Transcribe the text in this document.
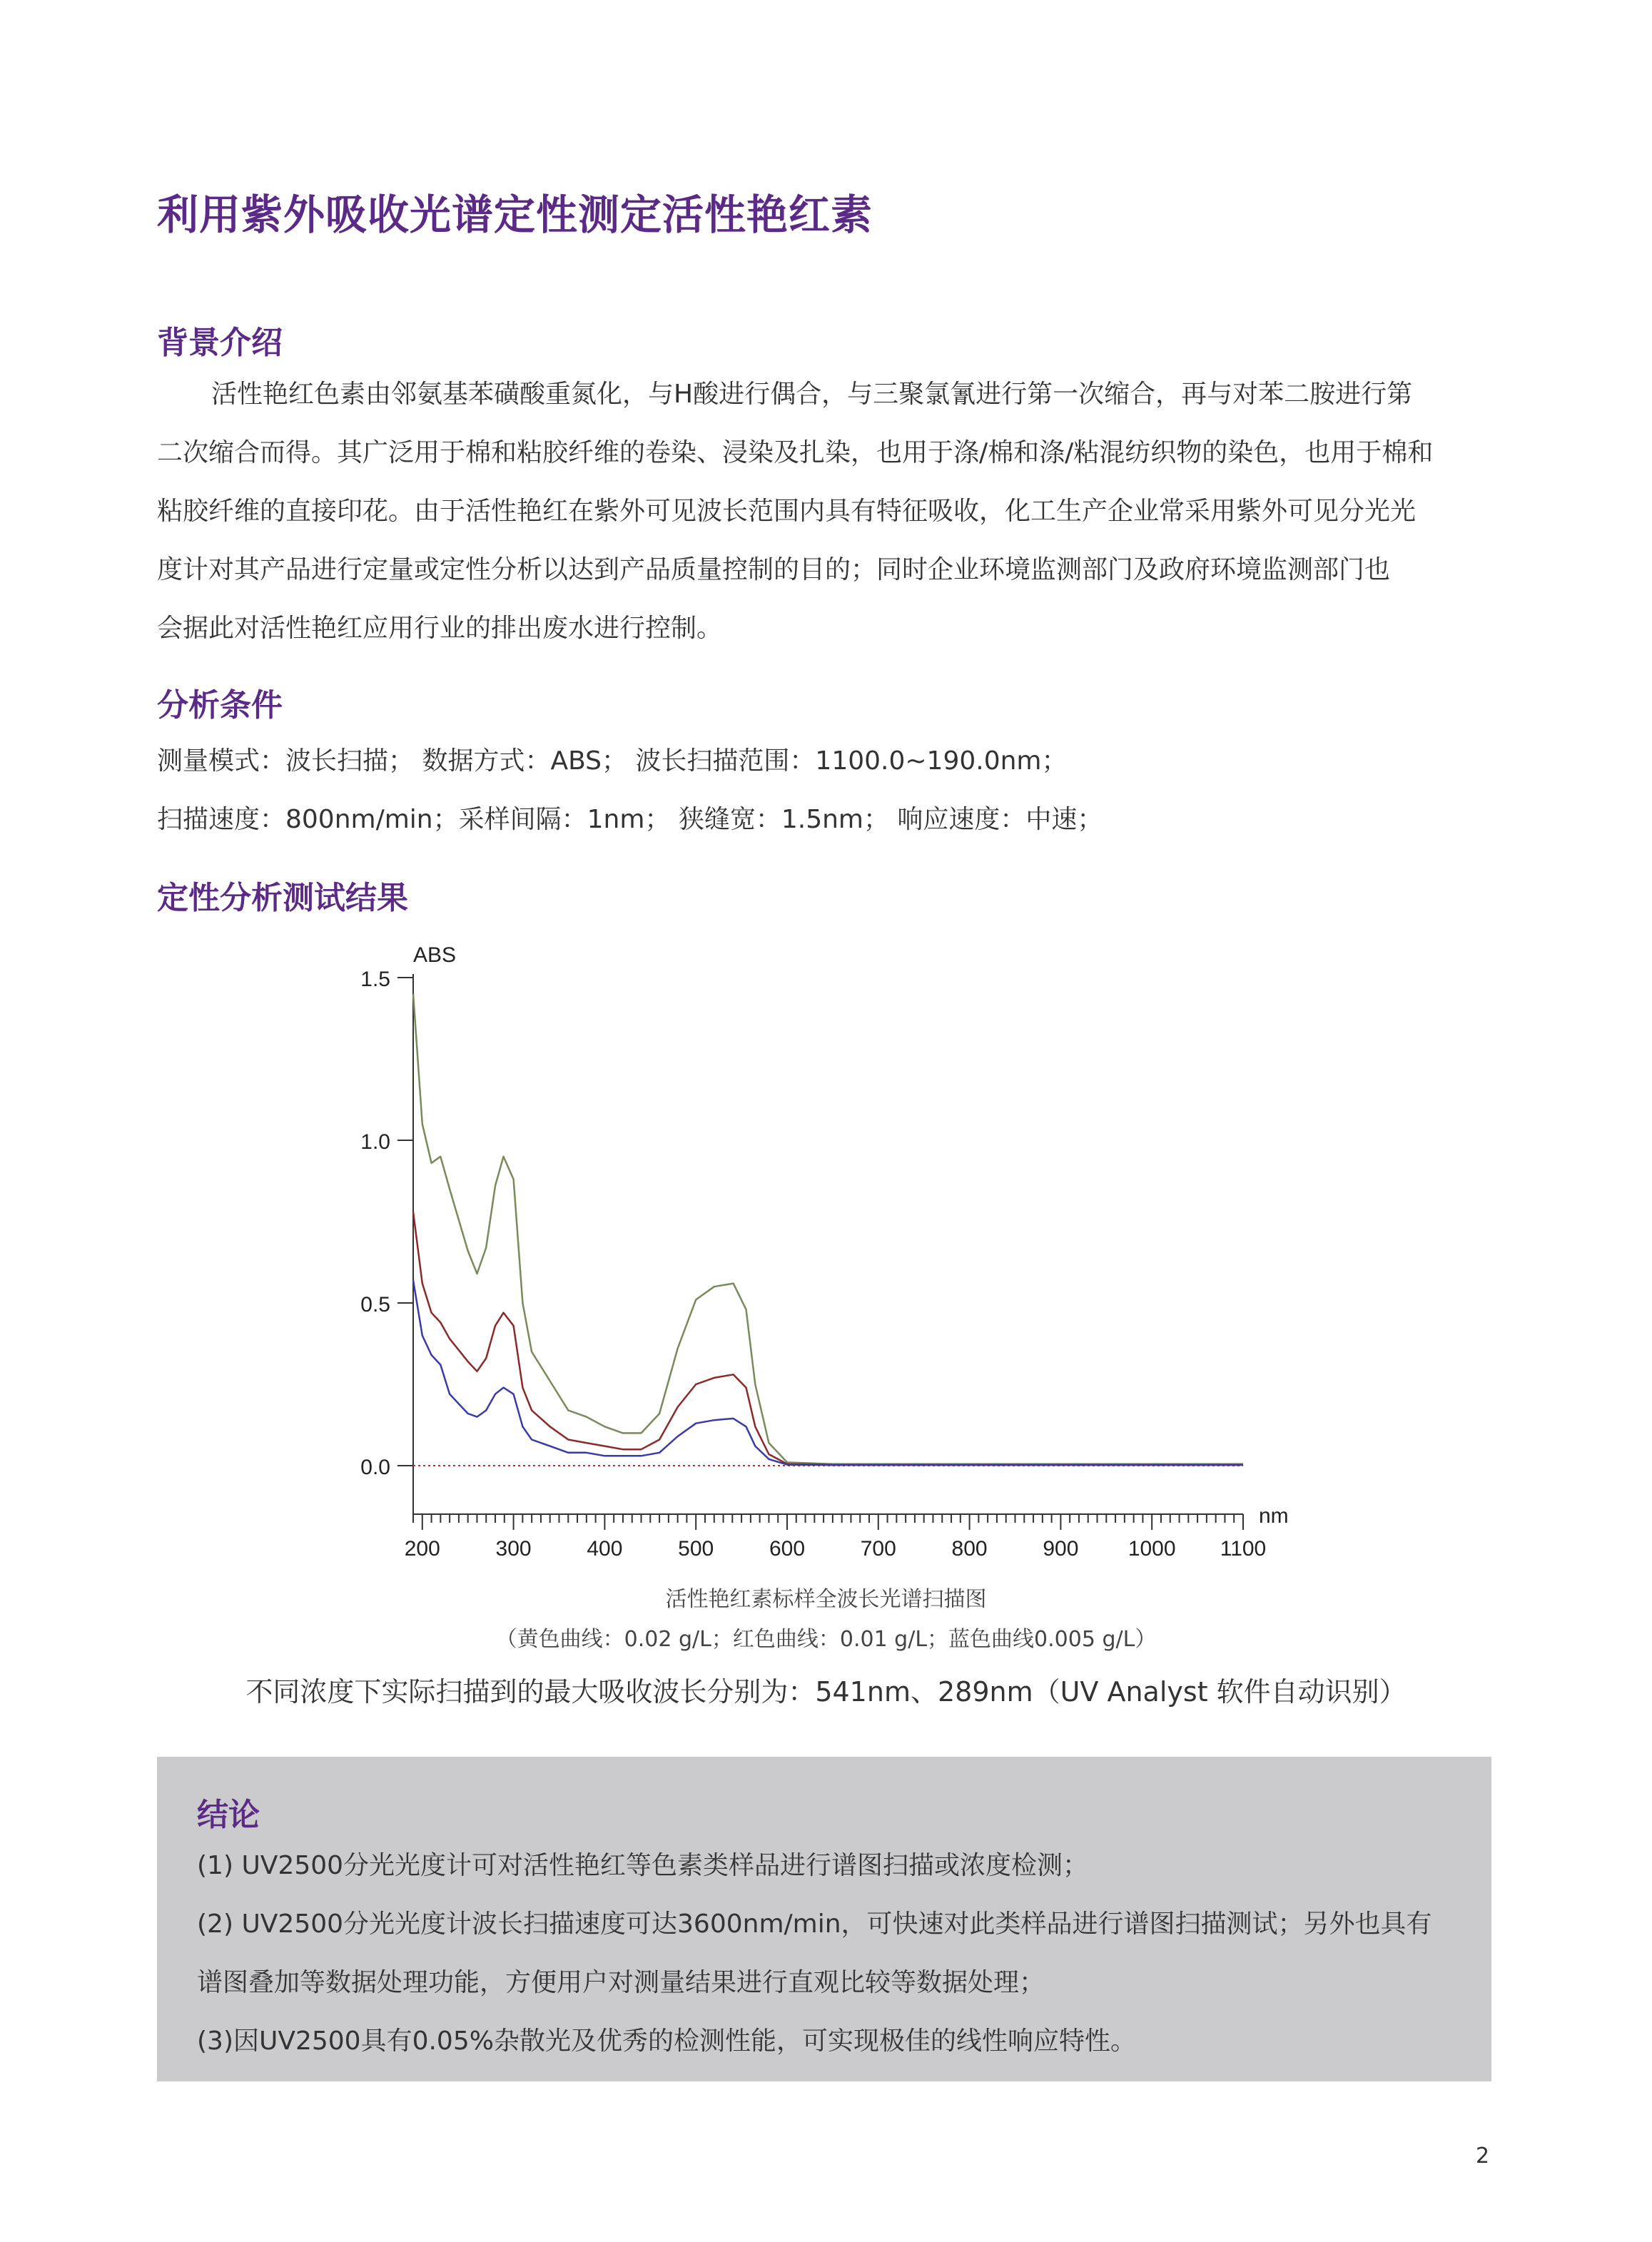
利用紫外吸收光谱定性测定活性艳红素
背景介绍
活性艳红色素由邻氨基苯磺酸重氮化，与H酸进行偶合，与三聚氯氰进行第一次缩合，再与对苯二胺进行第
二次缩合而得。其广泛用于棉和粘胶纤维的卷染、浸染及扎染，也用于涤/棉和涤/粘混纺织物的染色，也用于棉和
粘胶纤维的直接印花。由于活性艳红在紫外可见波长范围内具有特征吸收，化工生产企业常采用紫外可见分光光
度计对其产品进行定量或定性分析以达到产品质量控制的目的；同时企业环境监测部门及政府环境监测部门也
会据此对活性艳红应用行业的排出废水进行控制。
分析条件
测量模式：波长扫描； 数据方式：ABS； 波长扫描范围：1100.0~190.0nm；
扫描速度：800nm/min；采样间隔：1nm； 狭缝宽：1.5nm； 响应速度：中速；
定性分析测试结果
0.0
0.5
1.0
1.5
ABS
200	300	400	500	600	700	800	900 1000 1100
nm
活性艳红素标样全波长光谱扫描图
（黄色曲线：0.02 g/L；红色曲线：0.01 g/L；蓝色曲线0.005 g/L）
不同浓度下实际扫描到的最大吸收波长分别为：541nm、289nm（UV Analyst 软件自动识别）
结论
(1) UV2500分光光度计可对活性艳红等色素类样品进行谱图扫描或浓度检测；
(2) UV2500分光光度计波长扫描速度可达3600nm/min，可快速对此类样品进行谱图扫描测试；另外也具有
谱图叠加等数据处理功能，方便用户对测量结果进行直观比较等数据处理；
(3)因UV2500具有0.05%杂散光及优秀的检测性能，可实现极佳的线性响应特性。
2
